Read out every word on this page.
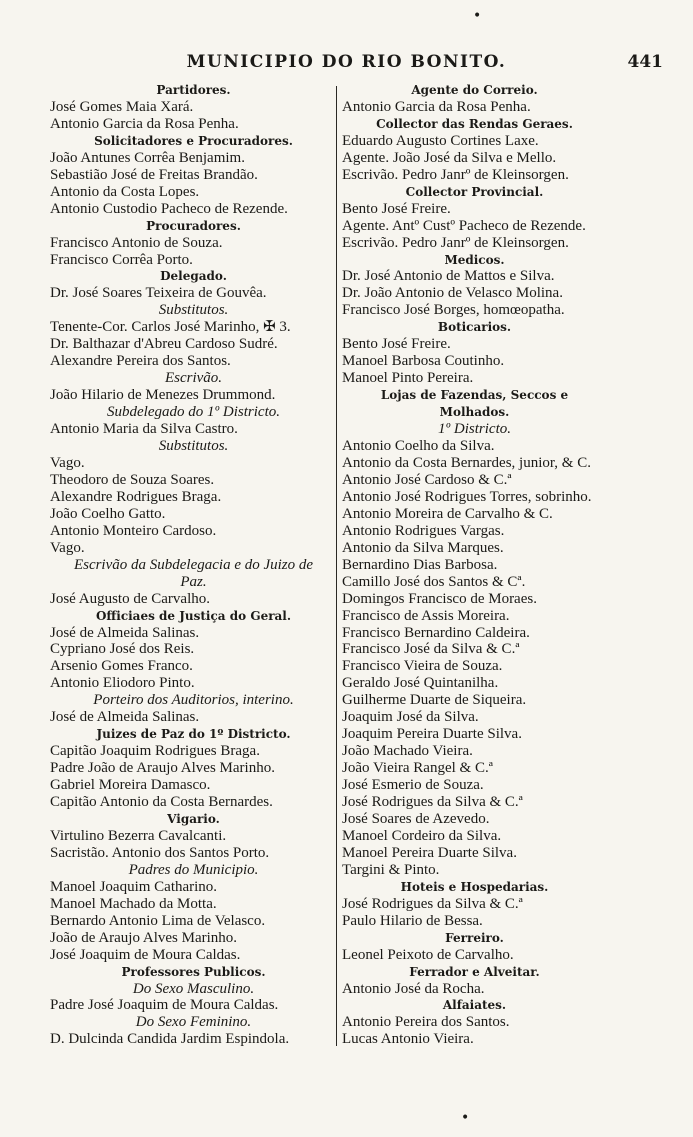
•
MUNICIPIO DO RIO BONITO.	441
Partidores.
José Gomes Maia Xará.
Antonio Garcia da Rosa Penha.
Solicitadores e Procuradores.
João Antunes Corrêa Benjamim.
Sebastião José de Freitas Brandão.
Antonio da Costa Lopes.
Antonio Custodio Pacheco de Rezende.
Procuradores.
Francisco Antonio de Souza.
Francisco Corrêa Porto.
Delegado.
Dr. José Soares Teixeira de Gouvêa.
Substitutos.
Tenente-Cor. Carlos José Marinho, ✠ 3.
Dr. Balthazar d'Abreu Cardoso Sudré.
Alexandre Pereira dos Santos.
Escrivão.
João Hilario de Menezes Drummond.
Subdelegado do 1º Districto.
Antonio Maria da Silva Castro.
Substitutos.
Vago.
Theodoro de Souza Soares.
Alexandre Rodrigues Braga.
João Coelho Gatto.
Antonio Monteiro Cardoso.
Vago.
Escrivão da Subdelegacia e do Juizo de
Paz.
José Augusto de Carvalho.
Officiaes de Justiça do Geral.
José de Almeida Salinas.
Cypriano José dos Reis.
Arsenio Gomes Franco.
Antonio Eliodoro Pinto.
Porteiro dos Auditorios, interino.
José de Almeida Salinas.
Juizes de Paz do 1º Districto.
Capitão Joaquim Rodrigues Braga.
Padre João de Araujo Alves Marinho.
Gabriel Moreira Damasco.
Capitão Antonio da Costa Bernardes.
Vigario.
Virtulino Bezerra Cavalcanti.
Sacristão. Antonio dos Santos Porto.
Padres do Municipio.
Manoel Joaquim Catharino.
Manoel Machado da Motta.
Bernardo Antonio Lima de Velasco.
João de Araujo Alves Marinho.
José Joaquim de Moura Caldas.
Professores Publicos.
Do Sexo Masculino.
Padre José Joaquim de Moura Caldas.
Do Sexo Feminino.
D. Dulcinda Candida Jardim Espindola.
Agente do Correio.
Antonio Garcia da Rosa Penha.
Collector das Rendas Geraes.
Eduardo Augusto Cortines Laxe.
Agente. João José da Silva e Mello.
Escrivão. Pedro Janrº de Kleinsorgen.
Collector Provincial.
Bento José Freire.
Agente. Antº Custº Pacheco de Rezende.
Escrivão. Pedro Janrº de Kleinsorgen.
Medicos.
Dr. José Antonio de Mattos e Silva.
Dr. João Antonio de Velasco Molina.
Francisco José Borges, homœopatha.
Boticarios.
Bento José Freire.
Manoel Barbosa Coutinho.
Manoel Pinto Pereira.
Lojas de Fazendas, Seccos e
Molhados.
1º Districto.
Antonio Coelho da Silva.
Antonio da Costa Bernardes, junior, & C.
Antonio José Cardoso & C.ª
Antonio José Rodrigues Torres, sobrinho.
Antonio Moreira de Carvalho & C.
Antonio Rodrigues Vargas.
Antonio da Silva Marques.
Bernardino Dias Barbosa.
Camillo José dos Santos & Cª.
Domingos Francisco de Moraes.
Francisco de Assis Moreira.
Francisco Bernardino Caldeira.
Francisco José da Silva & C.ª
Francisco Vieira de Souza.
Geraldo José Quintanilha.
Guilherme Duarte de Siqueira.
Joaquim José da Silva.
Joaquim Pereira Duarte Silva.
João Machado Vieira.
João Vieira Rangel & C.ª
José Esmerio de Souza.
José Rodrigues da Silva & C.ª
José Soares de Azevedo.
Manoel Cordeiro da Silva.
Manoel Pereira Duarte Silva.
Targini & Pinto.
Hoteis e Hospedarias.
José Rodrigues da Silva & C.ª
Paulo Hilario de Bessa.
Ferreiro.
Leonel Peixoto de Carvalho.
Ferrador e Alveitar.
Antonio José da Rocha.
Alfaiates.
Antonio Pereira dos Santos.
Lucas Antonio Vieira.
•
